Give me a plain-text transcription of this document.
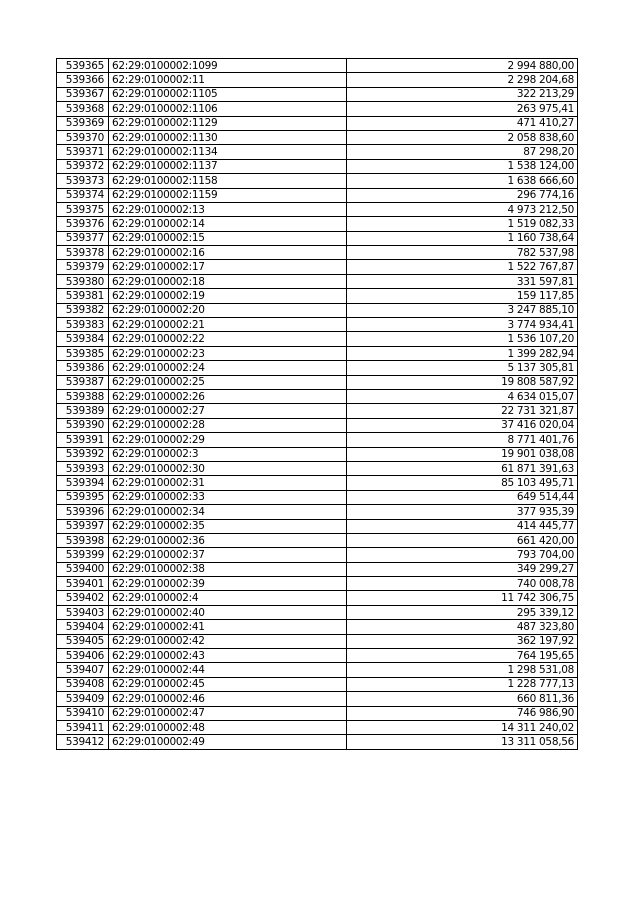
539365	62:29:0100002:1099	2 994 880,00
539366	62:29:0100002:11	2 298 204,68
539367	62:29:0100002:1105	322 213,29
539368	62:29:0100002:1106	263 975,41
539369	62:29:0100002:1129	471 410,27
539370	62:29:0100002:1130	2 058 838,60
539371	62:29:0100002:1134	87 298,20
539372	62:29:0100002:1137	1 538 124,00
539373	62:29:0100002:1158	1 638 666,60
539374	62:29:0100002:1159	296 774,16
539375	62:29:0100002:13	4 973 212,50
539376	62:29:0100002:14	1 519 082,33
539377	62:29:0100002:15	1 160 738,64
539378	62:29:0100002:16	782 537,98
539379	62:29:0100002:17	1 522 767,87
539380	62:29:0100002:18	331 597,81
539381	62:29:0100002:19	159 117,85
539382	62:29:0100002:20	3 247 885,10
539383	62:29:0100002:21	3 774 934,41
539384	62:29:0100002:22	1 536 107,20
539385	62:29:0100002:23	1 399 282,94
539386	62:29:0100002:24	5 137 305,81
539387	62:29:0100002:25	19 808 587,92
539388	62:29:0100002:26	4 634 015,07
539389	62:29:0100002:27	22 731 321,87
539390	62:29:0100002:28	37 416 020,04
539391	62:29:0100002:29	8 771 401,76
539392	62:29:0100002:3	19 901 038,08
539393	62:29:0100002:30	61 871 391,63
539394	62:29:0100002:31	85 103 495,71
539395	62:29:0100002:33	649 514,44
539396	62:29:0100002:34	377 935,39
539397	62:29:0100002:35	414 445,77
539398	62:29:0100002:36	661 420,00
539399	62:29:0100002:37	793 704,00
539400	62:29:0100002:38	349 299,27
539401	62:29:0100002:39	740 008,78
539402	62:29:0100002:4	11 742 306,75
539403	62:29:0100002:40	295 339,12
539404	62:29:0100002:41	487 323,80
539405	62:29:0100002:42	362 197,92
539406	62:29:0100002:43	764 195,65
539407	62:29:0100002:44	1 298 531,08
539408	62:29:0100002:45	1 228 777,13
539409	62:29:0100002:46	660 811,36
539410	62:29:0100002:47	746 986,90
539411	62:29:0100002:48	14 311 240,02
539412	62:29:0100002:49	13 311 058,56
